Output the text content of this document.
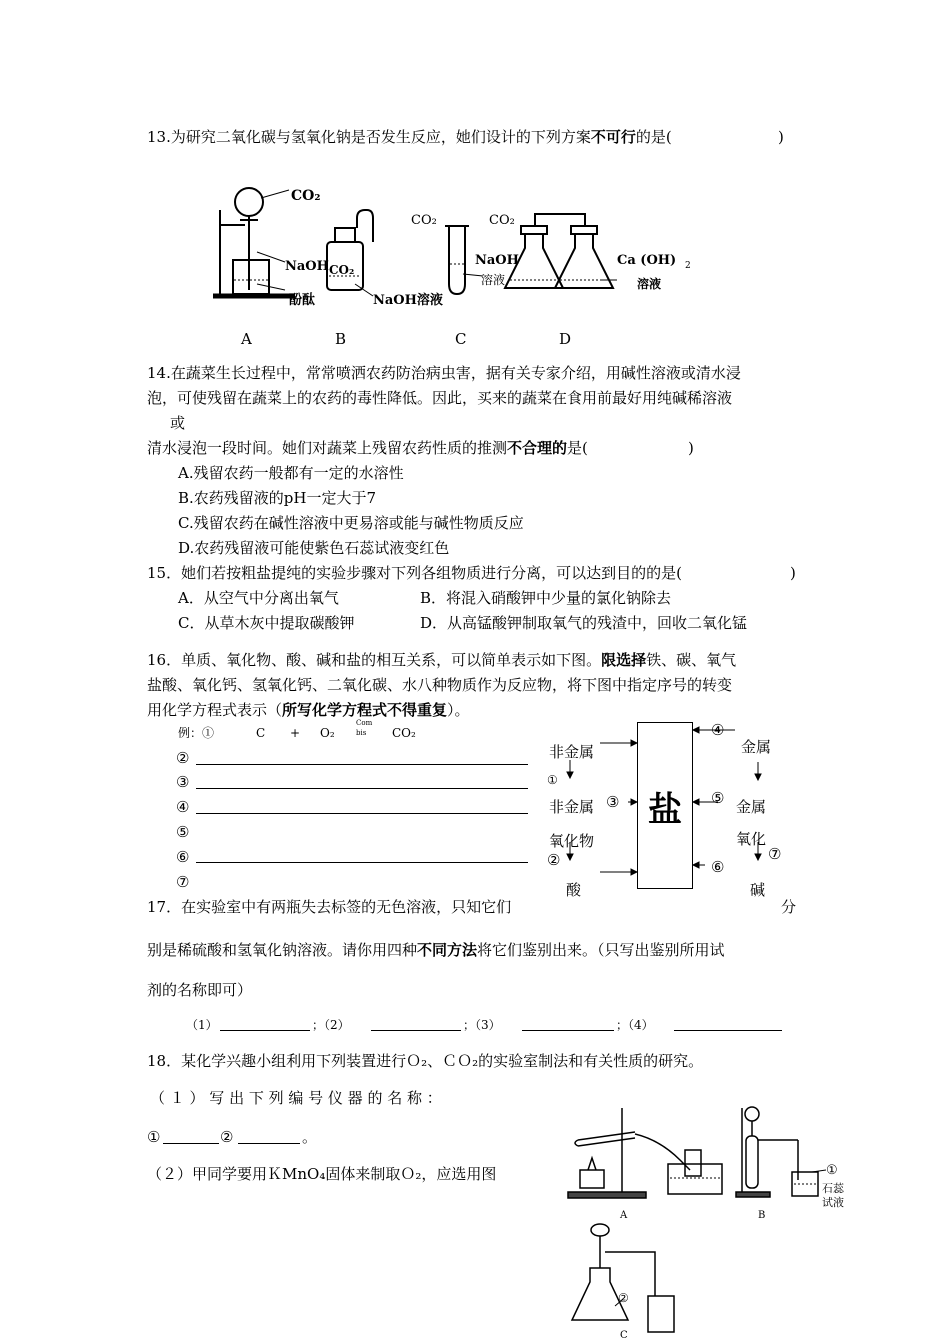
13.为研究二氧化碳与氢氧化钠是否发生反应，她们设计的下列方案不可行的是(	)
CO₂
NaOH
酚酞
CO₂
NaOH溶液
CO₂
NaOH
溶液
CO₂
Ca (OH) 2
溶液
A	B	C	D
14.在蔬菜生长过程中，常常喷洒农药防治病虫害，据有关专家介绍，用碱性溶液或清水浸
泡，可使残留在蔬菜上的农药的毒性降低。因此，买来的蔬菜在食用前最好用纯碱稀溶液
或
清水浸泡一段时间。她们对蔬菜上残留农药性质的推测不合理的是(	)
A.残留农药一般都有一定的水溶性
B.农药残留液的pH一定大于7
C.残留农药在碱性溶液中更易溶或能与碱性物质反应
D.农药残留液可能使紫色石蕊试液变红色
15．她们若按粗盐提纯的实验步骤对下列各组物质进行分离，可以达到目的的是(	)
A．从空气中分离出氧气	B．将混入硝酸钾中少量的氯化钠除去
C．从草木灰中提取碳酸钾	D．从高锰酸钾制取氧气的残渣中，回收二氧化锰
16．单质、氧化物、酸、碱和盐的相互关系，可以简单表示如下图。限选择铁、碳、氧气
盐酸、氧化钙、氢氧化钙、二氧化碳、水八种物质作为反应物，将下图中指定序号的转变
用化学方程式表示（所写化学方程式不得重复）。
例：①	C + O₂
Com
bis CO₂
②
③
④
⑤
⑥
⑦
盐
非金属
①
非金属 ③
氧化物
②
酸
④
金属
⑤ 金属
氧化
⑦
⑥
碱
17．在实验室中有两瓶失去标签的无色溶液，只知它们	分
别是稀硫酸和氢氧化钠溶液。请你用四种不同方法将它们鉴别出来。（只写出鉴别所用试
剂的名称即可）
（1）	；（2）	；（3）	；（4）
18．某化学兴趣小组利用下列装置进行Ｏ₂、ＣＯ₂的实验室制法和有关性质的研究。
（ １ ） 写 出 下 列 编 号 仪 器 的 名 称 ：
①	②	。
（２）甲同学要用ＫMnO₄固体来制取Ｏ₂，应选用图
A	B
①
石蕊
试液
②
C
